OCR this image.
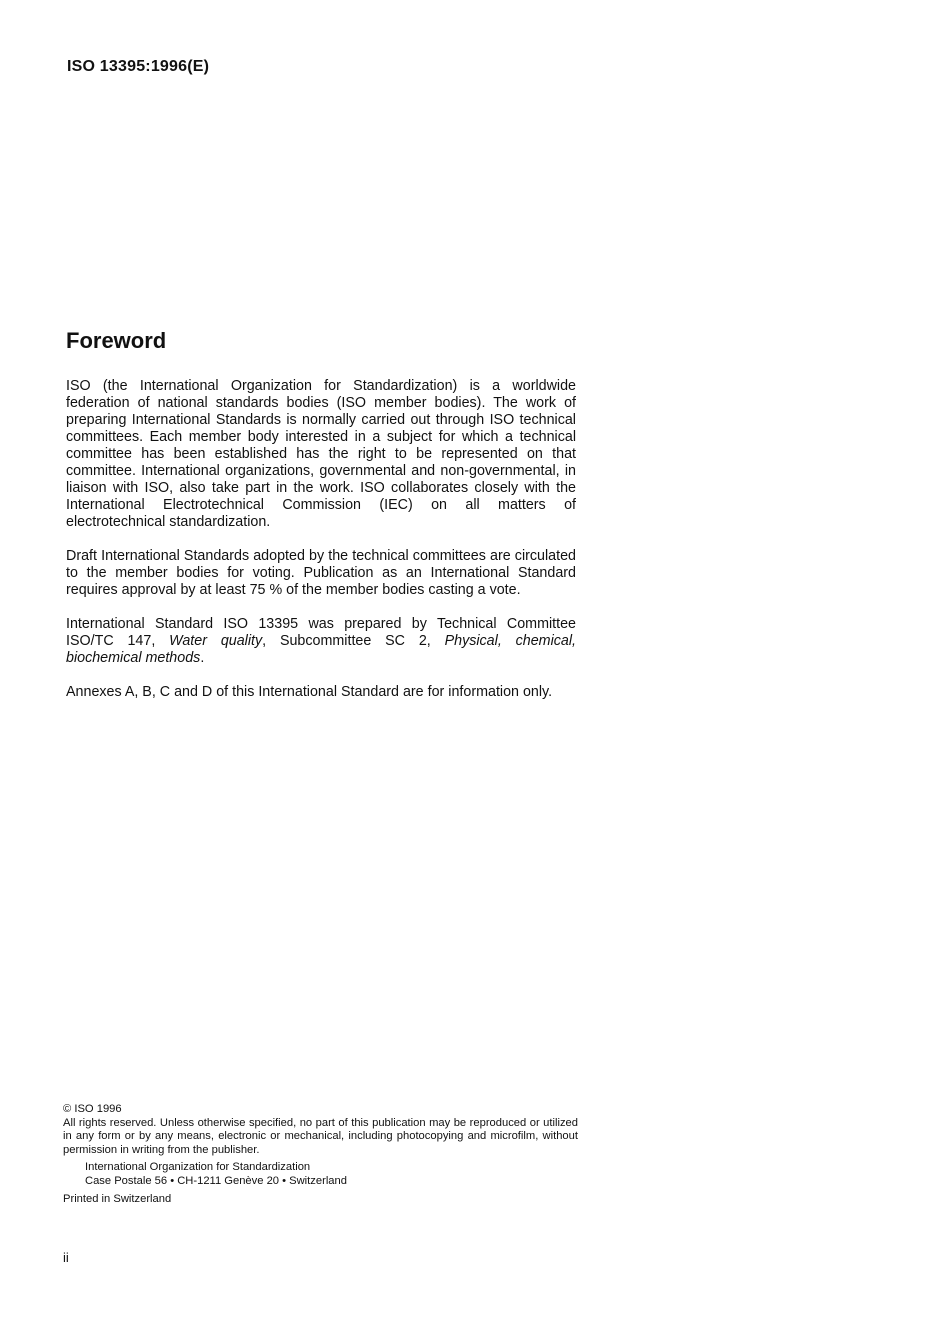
ISO 13395:1996(E)
Foreword

ISO (the International Organization for Standardization) is a worldwide federation of national standards bodies (ISO member bodies). The work of preparing International Standards is normally carried out through ISO technical committees. Each member body interested in a subject for which a technical committee has been established has the right to be represented on that committee. International organizations, governmental and non-governmental, in liaison with ISO, also take part in the work. ISO collaborates closely with the International Electrotechnical Commission (IEC) on all matters of electrotechnical standardization.

Draft International Standards adopted by the technical committees are circulated to the member bodies for voting. Publication as an International Standard requires approval by at least 75 % of the member bodies casting a vote.

International Standard ISO 13395 was prepared by Technical Committee ISO/TC 147, Water quality, Subcommittee SC 2, Physical, chemical, biochemical methods.

Annexes A, B, C and D of this International Standard are for information only.

© ISO 1996
All rights reserved. Unless otherwise specified, no part of this publication may be reproduced or utilized in any form or by any means, electronic or mechanical, including photocopying and microfilm, without permission in writing from the publisher.
International Organization for Standardization
Case Postale 56 • CH-1211 Genève 20 • Switzerland
Printed in Switzerland
ii
